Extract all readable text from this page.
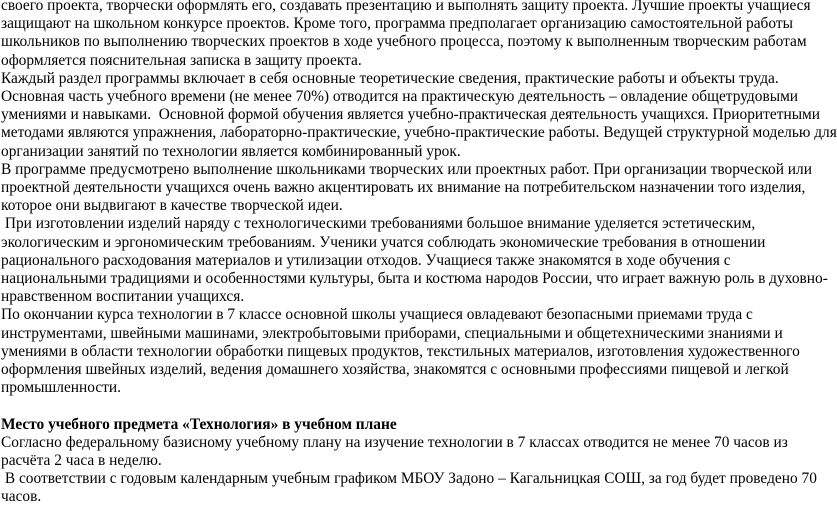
своего проекта, творчески оформлять его, создавать презентацию и выполнять защиту проекта. Лучшие проекты учащиеся
защищают на школьном конкурсе проектов. Кроме того, программа предполагает организацию самостоятельной работы
школьников по выполнению творческих проектов в ходе учебного процесса, поэтому к выполненным творческим работам
оформляется пояснительная записка в защиту проекта.

Каждый раздел программы включает в себя основные теоретические сведения, практические работы и объекты труда.
Основная часть учебного времени (не менее 70%) отводится на практическую деятельность – овладение общетрудовыми
умениями и навыками.  Основной формой обучения является учебно-практическая деятельность учащихся. Приоритетными
методами являются упражнения, лабораторно-практические, учебно-практические работы. Ведущей структурной моделью для
организации занятий по технологии является комбинированный урок.

В программе предусмотрено выполнение школьниками творческих или проектных работ. При организации творческой или
проектной деятельности учащихся очень важно акцентировать их внимание на потребительском назначении того изделия,
которое они выдвигают в качестве творческой идеи.

При изготовлении изделий наряду с технологическими требованиями большое внимание уделяется эстетическим,
экологическим и эргономическим требованиям. Ученики учатся соблюдать экономические требования в отношении
рационального расходования материалов и утилизации отходов. Учащиеся также знакомятся в ходе обучения с
национальными традициями и особенностями культуры, быта и костюма народов России, что играет важную роль в духовно-
нравственном воспитании учащихся.

По окончании курса технологии в 7 классе основной школы учащиеся овладевают безопасными приемами труда с
инструментами, швейными машинами, электробытовыми приборами, специальными и общетехническими знаниями и
умениями в области технологии обработки пищевых продуктов, текстильных материалов, изготовления художественного
оформления швейных изделий, ведения домашнего хозяйства, знакомятся с основными профессиями пищевой и легкой
промышленности.

Место учебного предмета «Технология» в учебном плане

Согласно федеральному базисному учебному плану на изучение технологии в 7 классах отводится не менее 70 часов из
расчёта 2 часа в неделю.

В соответствии с годовым календарным учебным графиком МБОУ Задоно – Кагальницкая СОШ, за год будет проведено 70
часов.
